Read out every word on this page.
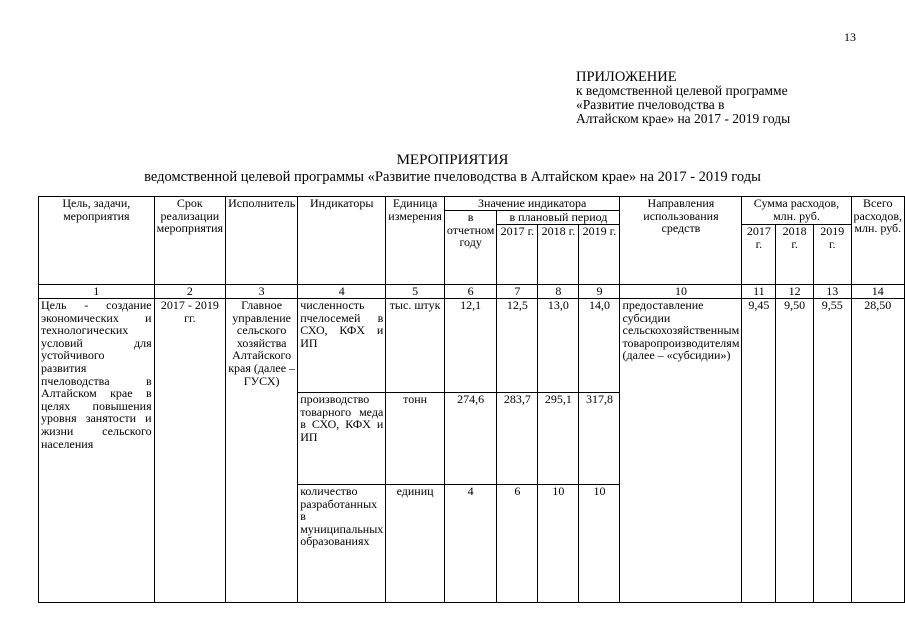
13
ПРИЛОЖЕНИЕ
к ведомственной целевой программе
«Развитие пчеловодства в
Алтайском крае» на 2017 - 2019 годы
МЕРОПРИЯТИЯ
ведомственной целевой программы «Развитие пчеловодства в Алтайском крае» на 2017 - 2019 годы
Цель, задачи, мероприятия	Срок реализации мероприятия	Исполнитель	Индикаторы	Единица измерения	Значение индикатора				Направления использования средств	Сумма расходов, млн. руб.			Всего расходов, млн. руб.
					в отчетном году	в плановый период							
						2017 г.	2018 г.	2019 г.		2017 г.	2018 г.	2019 г.	
1	2	3	4	5	6	7	8	9	10	11	12	13	14
Цель - создание экономических и технологических условий для устойчивого развития пчеловодства в Алтайском крае в целях повышения уровня занятости и жизни сельского населения	2017 - 2019 гг.	Главное управление сельского хозяйства Алтайского края (далее – ГУСХ)	численность пчелосемей в СХО, КФХ и ИП	тыс. штук	12,1	12,5	13,0	14,0	предоставление субсидии сельскохозяйственным товаропроизводителям (далее – «субсидии»)	9,45	9,50	9,55	28,50
			производство товарного меда в СХО, КФХ и ИП	тонн	274,6	283,7	295,1	317,8					
			количество разработанных в муниципальных образованиях	единиц	4	6	10	10					
